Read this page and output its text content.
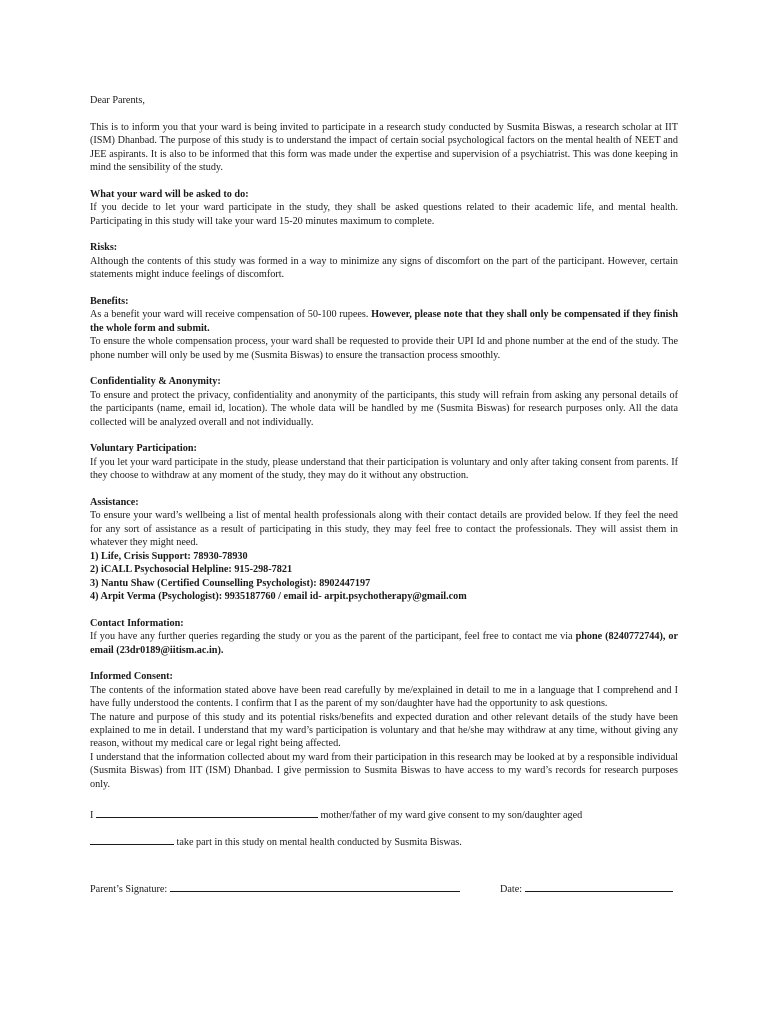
Dear Parents,

This is to inform you that your ward is being invited to participate in a research study conducted by Susmita Biswas, a research scholar at IIT (ISM) Dhanbad. The purpose of this study is to understand the impact of certain social psychological factors on the mental health of NEET and JEE aspirants. It is also to be informed that this form was made under the expertise and supervision of a psychiatrist. This was done keeping in mind the sensibility of the study.

What your ward will be asked to do:

If you decide to let your ward participate in the study, they shall be asked questions related to their academic life, and mental health. Participating in this study will take your ward 15-20 minutes maximum to complete.

Risks:

Although the contents of this study was formed in a way to minimize any signs of discomfort on the part of the participant. However, certain statements might induce feelings of discomfort.

Benefits:

As a benefit your ward will receive compensation of 50-100 rupees. However, please note that they shall only be compensated if they finish the whole form and submit.

To ensure the whole compensation process, your ward shall be requested to provide their UPI Id and phone number at the end of the study. The phone number will only be used by me (Susmita Biswas) to ensure the transaction process smoothly.

Confidentiality & Anonymity:

To ensure and protect the privacy, confidentiality and anonymity of the participants, this study will refrain from asking any personal details of the participants (name, email id, location). The whole data will be handled by me (Susmita Biswas) for research purposes only. All the data collected will be analyzed overall and not individually.

Voluntary Participation:

If you let your ward participate in the study, please understand that their participation is voluntary and only after taking consent from parents. If they choose to withdraw at any moment of the study, they may do it without any obstruction.

Assistance:

To ensure your ward’s wellbeing a list of mental health professionals along with their contact details are provided below. If they feel the need for any sort of assistance as a result of participating in this study, they may feel free to contact the professionals. They will assist them in whatever they might need.

1) Life, Crisis Support: 78930-78930

2) iCALL Psychosocial Helpline: 915-298-7821

3) Nantu Shaw (Certified Counselling Psychologist): 8902447197

4) Arpit Verma (Psychologist): 9935187760 / email id- arpit.psychotherapy@gmail.com

Contact Information:

If you have any further queries regarding the study or you as the parent of the participant, feel free to contact me via phone (8240772744), or email (23dr0189@iitism.ac.in).

Informed Consent:

The contents of the information stated above have been read carefully by me/explained in detail to me in a language that I comprehend and I have fully understood the contents. I confirm that I as the parent of my son/daughter have had the opportunity to ask questions.

The nature and purpose of this study and its potential risks/benefits and expected duration and other relevant details of the study have been explained to me in detail. I understand that my ward’s participation is voluntary and that he/she may withdraw at any time, without giving any reason, without my medical care or legal right being affected.

I understand that the information collected about my ward from their participation in this research may be looked at by a responsible individual (Susmita Biswas) from IIT (ISM) Dhanbad. I give permission to Susmita Biswas to have access to my ward’s records for research purposes only.

I	mother/father of my ward give consent to my son/daughter aged

take part in this study on mental health conducted by Susmita Biswas.

Parent’s Signature:	Date:
